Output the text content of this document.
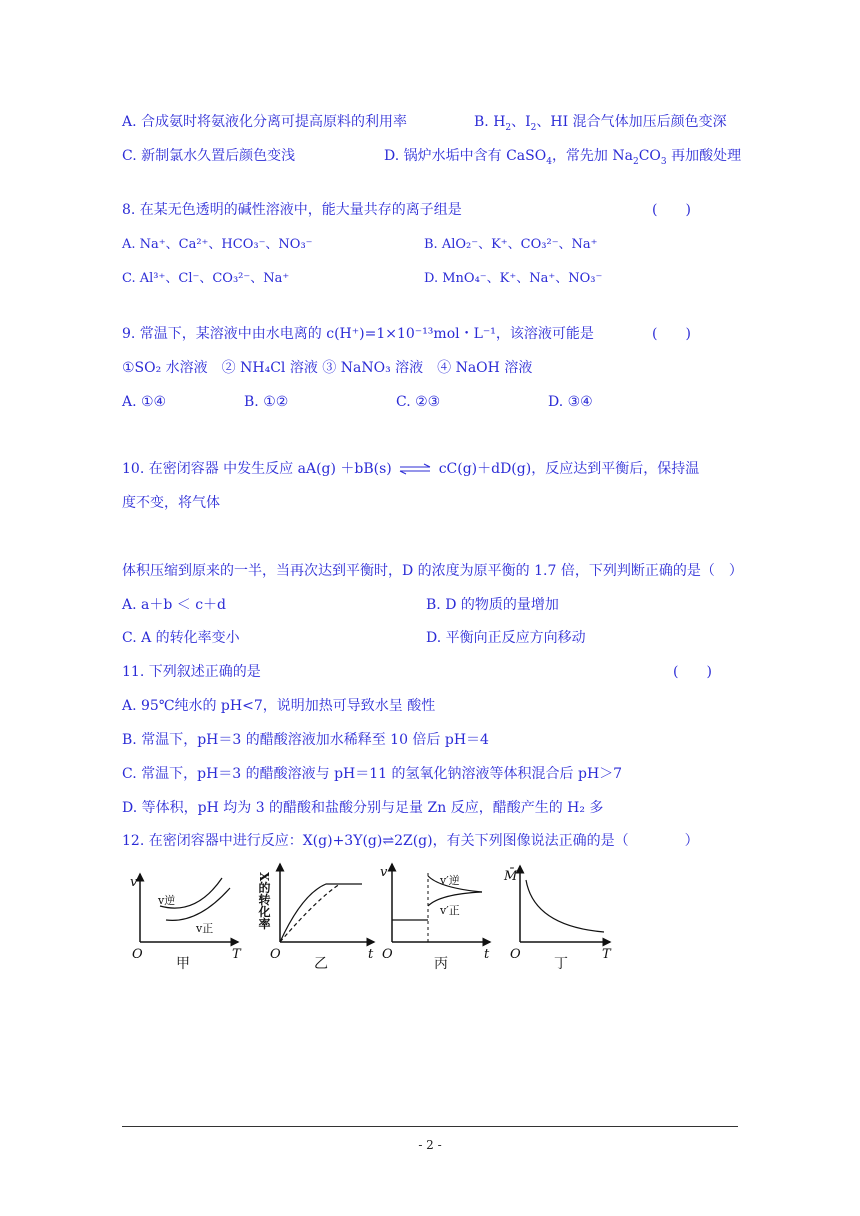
A. 合成氨时将氨液化分离可提高原料的利用率	B. $H_2$、$I_2$、HI 混合气体加压后颜色变深
C. 新制氯水久置后颜色变浅	D. 锅炉水垢中含有 CaSO$_4$，常先加 $Na_2CO_3$ 再加酸处理
8. 在某无色透明的碱性溶液中，能大量共存的离子组是	(　　)
A. Na⁺、Ca²⁺、HCO₃⁻、NO₃⁻	B. AlO₂⁻、K⁺、CO₃²⁻、Na⁺
C. Al³⁺、Cl⁻、CO₃²⁻、Na⁺	D. MnO₄⁻、K⁺、Na⁺、NO₃⁻
9. 常温下，某溶液中由水电离的 c(H⁺)=1×10⁻¹³mol・L⁻¹，该溶液可能是	(　　)
①SO₂ 水溶液　② NH₄Cl 溶液 ③ NaNO₃ 溶液　④ NaOH 溶液
A. ①④	B. ①②	C. ②③	D. ③④
10. 在密闭容器 中发生反应 aA(g) ＋bB(s) ⇌ cC(g)＋dD(g)，反应达到平衡后，保持温
度不变，将气体
体积压缩到原来的一半，当再次达到平衡时，D 的浓度为原平衡的 1.7 倍，下列判断正确的是（　）
A. a＋b ＜ c＋d	B. D 的物质的量增加
C. A 的转化率变小	D. 平衡向正反应方向移动
11. 下列叙述正确的是	(　　)
A. 95℃纯水的 pH<7，说明加热可导致水呈 酸性
B. 常温下，pH＝3 的醋酸溶液加水稀释至 10 倍后 pH＝4
C. 常温下，pH＝3 的醋酸溶液与 pH＝11 的氢氧化钠溶液等体积混合后 pH＞7
D. 等体积，pH 均为 3 的醋酸和盐酸分别与足量 Zn 反应，醋酸产生的 H₂ 多
12. 在密闭容器中进行反应：X(g)+3Y(g)⇌2Z(g)，有关下列图像说法正确的是（　　　　）
v
T
O
v逆
v正
甲
X的转化率
t
O
乙
v
t
O
v′逆
v′正
丙
M̄
T
O
丁
- 2 -
